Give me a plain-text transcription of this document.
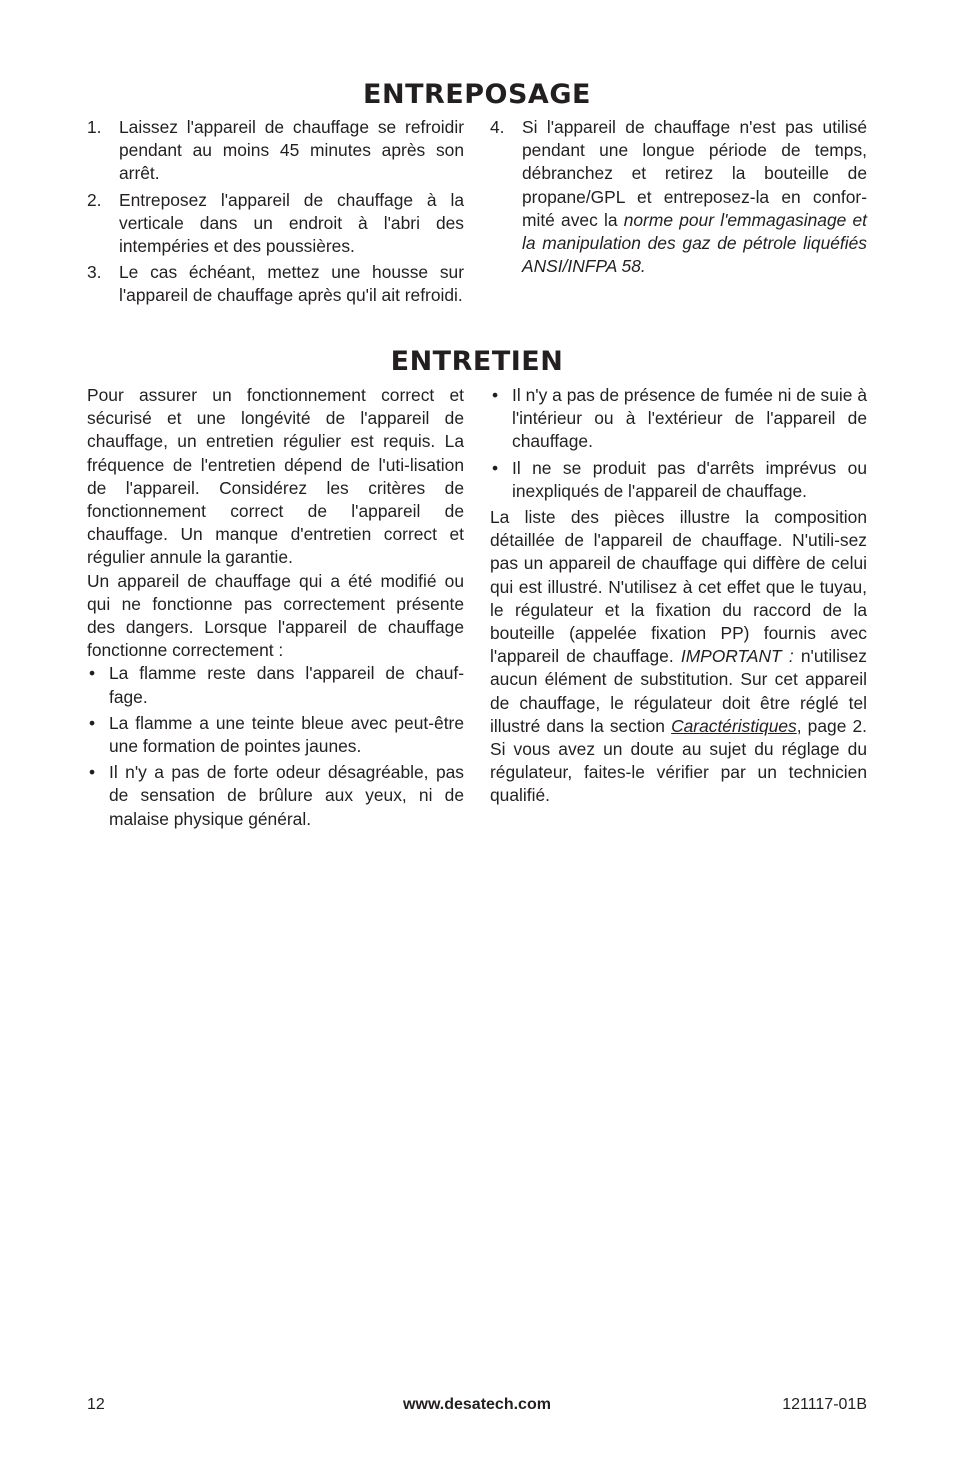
ENTREPOSAGE
1. Laissez l'appareil de chauffage se refroidir pendant au moins 45 minutes après son arrêt.
2. Entreposez l'appareil de chauffage à la verticale dans un endroit à l'abri des intempéries et des poussières.
3. Le cas échéant, mettez une housse sur l'appareil de chauffage après qu'il ait refroidi.
4. Si l'appareil de chauffage n'est pas utilisé pendant une longue période de temps, débranchez et retirez la bouteille de propane/GPL et entreposez-la en confor-mité avec la norme pour l'emmagasinage et la manipulation des gaz de pétrole liquéfiés ANSI/INFPA 58.
ENTRETIEN

Pour assurer un fonctionnement correct et sécurisé et une longévité de l'appareil de chauffage, un entretien régulier est requis. La fréquence de l'entretien dépend de l'uti-lisation de l'appareil. Considérez les critères de fonctionnement correct de l'appareil de chauffage. Un manque d'entretien correct et régulier annule la garantie.

Un appareil de chauffage qui a été modifié ou qui ne fonctionne pas correctement présente des dangers. Lorsque l'appareil de chauffage fonctionne correctement :

• La flamme reste dans l'appareil de chauf-fage.
• La flamme a une teinte bleue avec peut-être une formation de pointes jaunes.
• Il n'y a pas de forte odeur désagréable, pas de sensation de brûlure aux yeux, ni de malaise physique général.
• Il n'y a pas de présence de fumée ni de suie à l'intérieur ou à l'extérieur de l'appareil de chauffage.
• Il ne se produit pas d'arrêts imprévus ou inexpliqués de l'appareil de chauffage.

La liste des pièces illustre la composition détaillée de l'appareil de chauffage. N'utili-sez pas un appareil de chauffage qui diffère de celui qui est illustré. N'utilisez à cet effet que le tuyau, le régulateur et la fixation du raccord de la bouteille (appelée fixation PP) fournis avec l'appareil de chauffage. IMPORTANT : n'utilisez aucun élément de substitution. Sur cet appareil de chauffage, le régulateur doit être réglé tel illustré dans la section Caractéristiques, page 2. Si vous avez un doute au sujet du réglage du régulateur, faites-le vérifier par un technicien qualifié.

12	www.desatech.com	121117-01B
